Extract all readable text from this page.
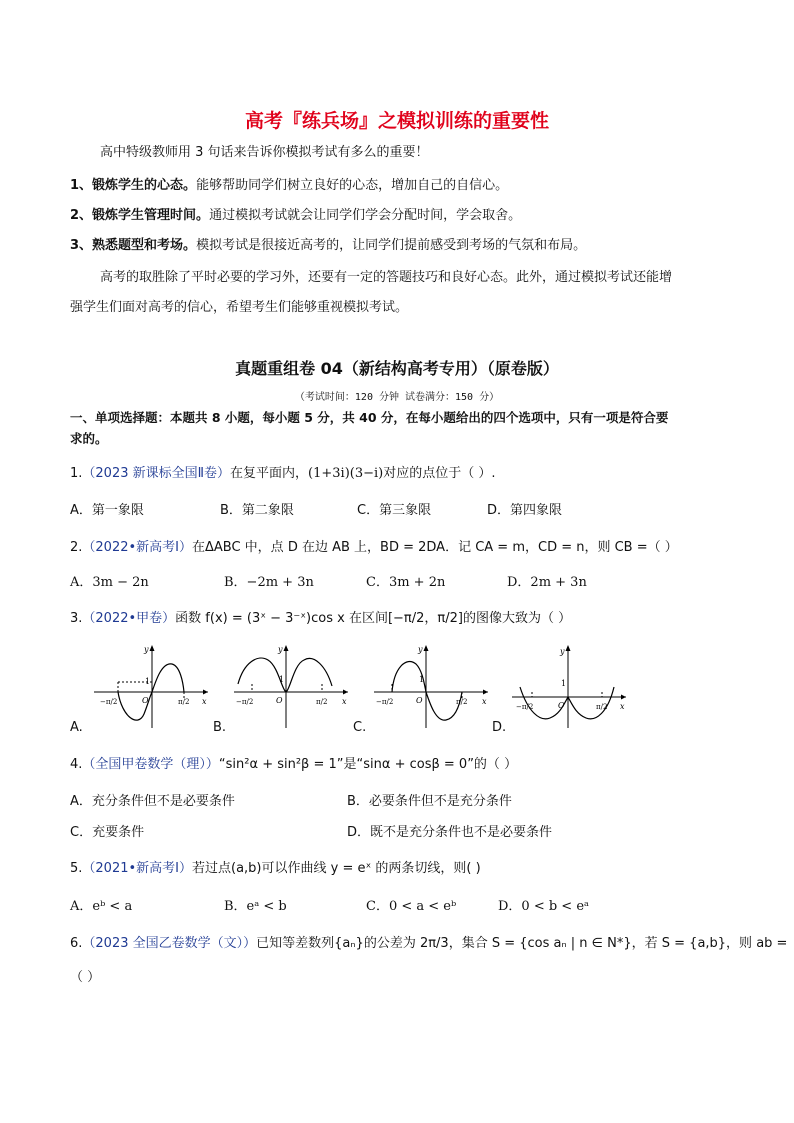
高考『练兵场』之模拟训练的重要性
高中特级教师用 3 句话来告诉你模拟考试有多么的重要！
1、锻炼学生的心态。能够帮助同学们树立良好的心态，增加自己的自信心。
2、锻炼学生管理时间。通过模拟考试就会让同学们学会分配时间，学会取舍。
3、熟悉题型和考场。模拟考试是很接近高考的，让同学们提前感受到考场的气氛和布局。
高考的取胜除了平时必要的学习外，还要有一定的答题技巧和良好心态。此外，通过模拟考试还能增
强学生们面对高考的信心，希望考生们能够重视模拟考试。
真题重组卷 04（新结构高考专用）（原卷版）
（考试时间：120 分钟 试卷满分：150 分）
一、单项选择题：本题共 8 小题，每小题 5 分，共 40 分，在每小题给出的四个选项中，只有一项是符合要
求的。
1.（2023 新课标全国Ⅱ卷）在复平面内，(1+3i)(3−i)对应的点位于（ ）.
A．第一象限	B．第二象限	C．第三象限	D．第四象限
2.（2022•新高考Ⅰ）在ΔABC 中，点 D 在边 AB 上，BD = 2DA．记 CA = m，CD = n，则 CB =（ ）
A．3m − 2n	B．−2m + 3n	C．3m + 2n	D．2m + 3n
3.（2022•甲卷）函数 f(x) = (3ˣ − 3⁻ˣ)cos x 在区间[−π/2，π/2]的图像大致为（ ）
A.	B.	C.	D.
y
x
O
1
−π/2	π/2
y
x
O
1
−π/2	π/2
y
x
O
1
−π/2	π/2
y
x
O
1
−π/2	π/2
4.（全国甲卷数学（理））“sin²α + sin²β = 1”是“sinα + cosβ = 0”的（ ）
A．充分条件但不是必要条件	B．必要条件但不是充分条件
C．充要条件	D．既不是充分条件也不是必要条件
5.（2021•新高考Ⅰ）若过点(a,b)可以作曲线 y = eˣ 的两条切线，则( )
A．eᵇ < a	B．eᵃ < b	C．0 < a < eᵇ	D．0 < b < eᵃ
6.（2023 全国乙卷数学（文））已知等差数列{aₙ}的公差为 2π/3，集合 S = {cos aₙ | n ∈ N*}，若 S = {a,b}，则 ab =
（ ）
